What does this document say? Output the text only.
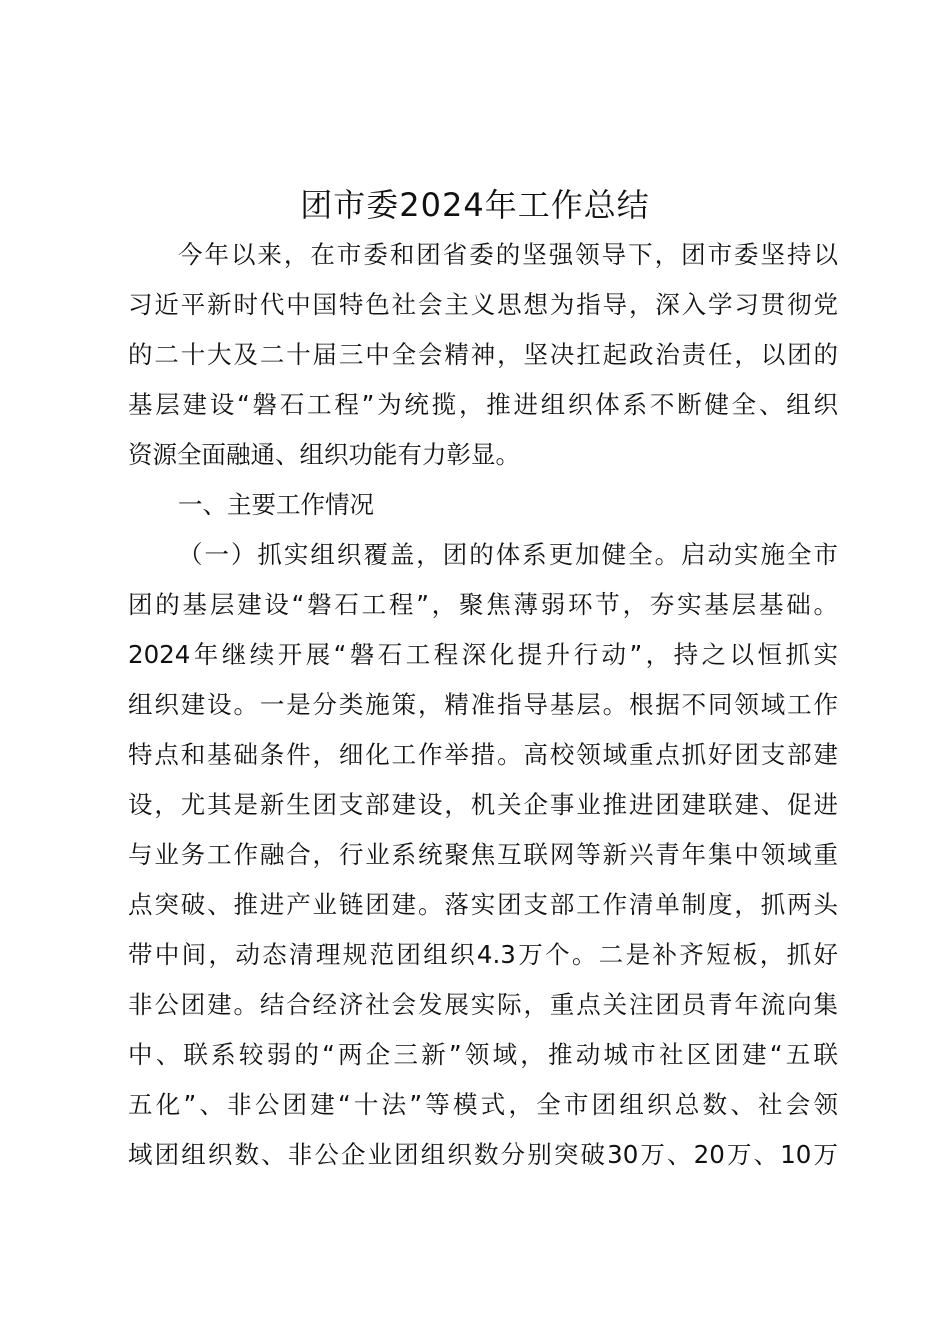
团市委2024年工作总结
今年以来，在市委和团省委的坚强领导下，团市委坚持以
习近平新时代中国特色社会主义思想为指导，深入学习贯彻党
的二十大及二十届三中全会精神，坚决扛起政治责任，以团的
基层建设“磐石工程”为统揽，推进组织体系不断健全、组织
资源全面融通、组织功能有力彰显。
一、主要工作情况
（一）抓实组织覆盖，团的体系更加健全。启动实施全市
团的基层建设“磐石工程”，聚焦薄弱环节，夯实基层基础。
2024年继续开展“磐石工程深化提升行动”，持之以恒抓实
组织建设。一是分类施策，精准指导基层。根据不同领域工作
特点和基础条件，细化工作举措。高校领域重点抓好团支部建
设，尤其是新生团支部建设，机关企事业推进团建联建、促进
与业务工作融合，行业系统聚焦互联网等新兴青年集中领域重
点突破、推进产业链团建。落实团支部工作清单制度，抓两头
带中间，动态清理规范团组织4.3万个。二是补齐短板，抓好
非公团建。结合经济社会发展实际，重点关注团员青年流向集
中、联系较弱的“两企三新”领域，推动城市社区团建“五联
五化”、非公团建“十法”等模式，全市团组织总数、社会领
域团组织数、非公企业团组织数分别突破30万、20万、10万
